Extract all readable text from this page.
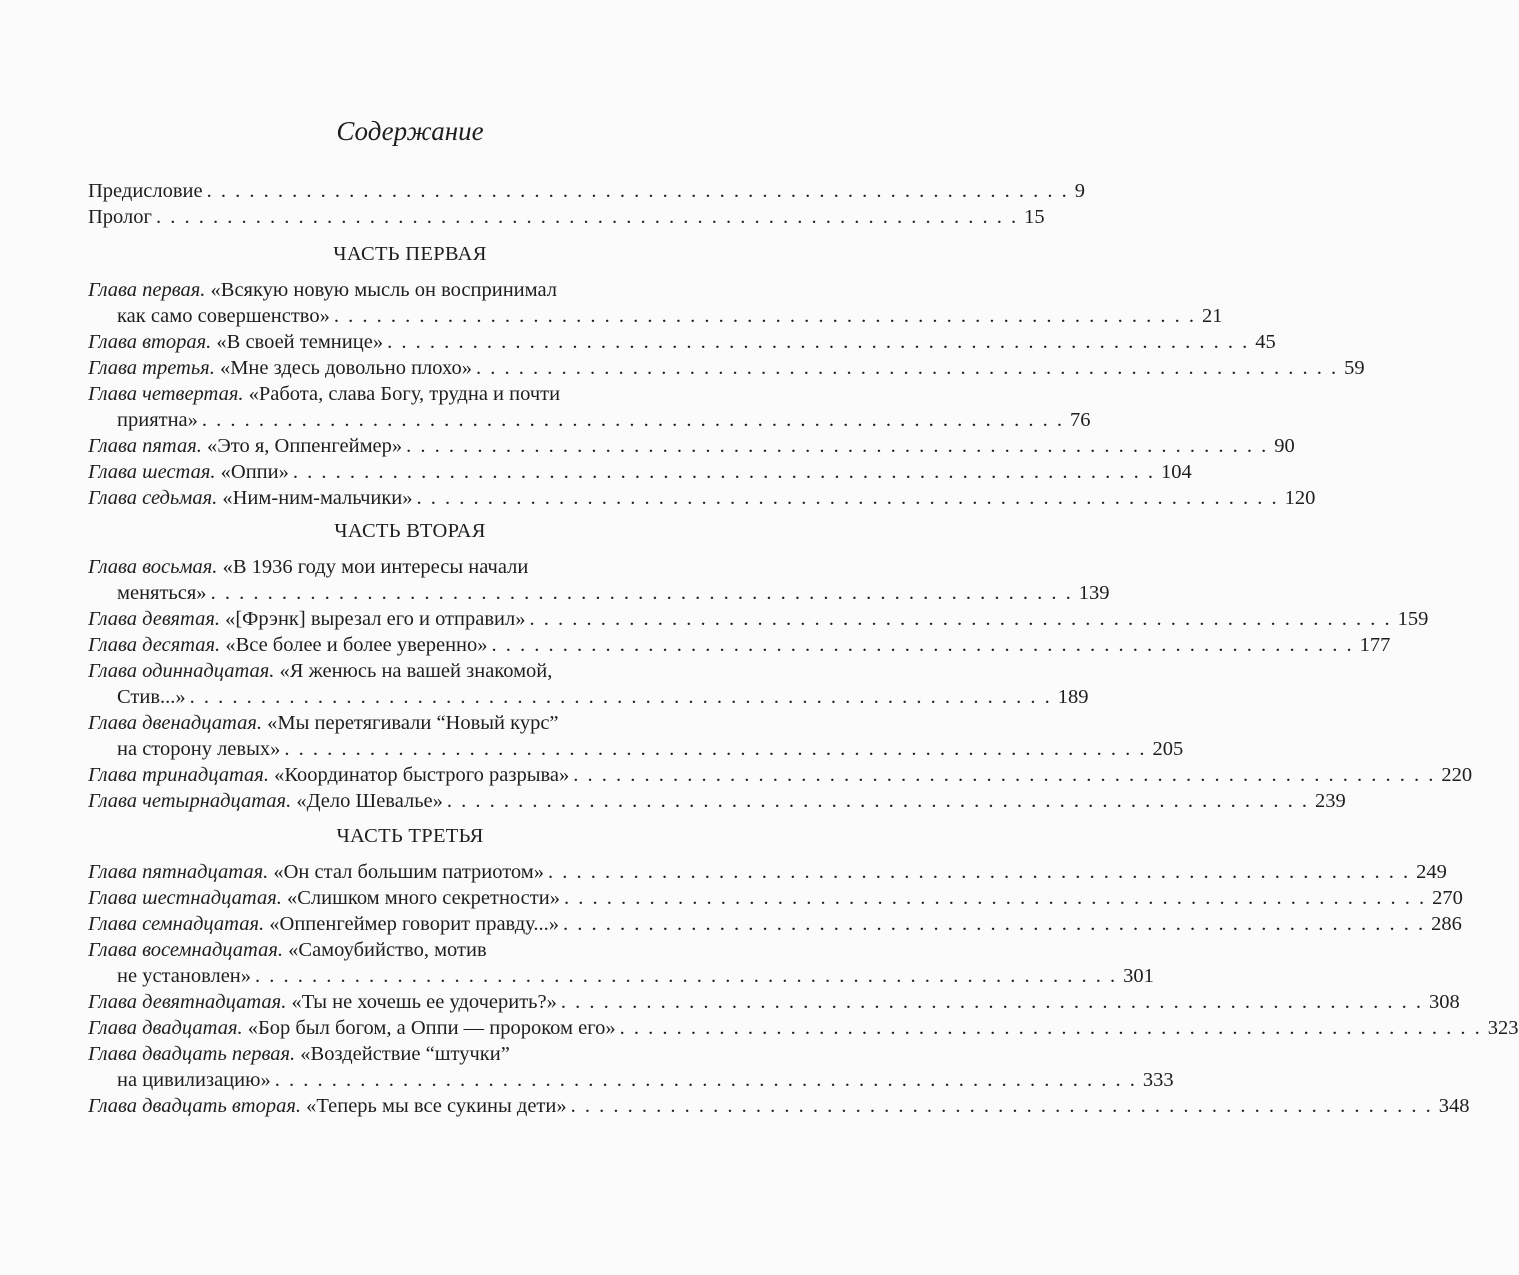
Содержание
Предисловие . . . . . . . . . . . . . . . . . . . . . . . . . . . . . . . . . . . . . . . . . . . . . . . . . . . . . . . . . . . . . 9
Пролог . . . . . . . . . . . . . . . . . . . . . . . . . . . . . . . . . . . . . . . . . . . . . . . . . . . . . . . . . . . . . 15
ЧАСТЬ ПЕРВАЯ
Глава первая. «Всякую новую мысль он воспринимал
как само совершенство» . . . . . . . . . . . . . . . . . . . . . . . . . . . . . . . . . . . . . . . . . . . . . . . . . . . . . . . . . . . . . 21
Глава вторая. «В своей темнице» . . . . . . . . . . . . . . . . . . . . . . . . . . . . . . . . . . . . . . . . . . . . . . . . . . . . . . . . . . . . . 45
Глава третья. «Мне здесь довольно плохо» . . . . . . . . . . . . . . . . . . . . . . . . . . . . . . . . . . . . . . . . . . . . . . . . . . . . . . . . . . . . . 59
Глава четвертая. «Работа, слава Богу, трудна и почти
приятна» . . . . . . . . . . . . . . . . . . . . . . . . . . . . . . . . . . . . . . . . . . . . . . . . . . . . . . . . . . . . . 76
Глава пятая. «Это я, Оппенгеймер» . . . . . . . . . . . . . . . . . . . . . . . . . . . . . . . . . . . . . . . . . . . . . . . . . . . . . . . . . . . . . 90
Глава шестая. «Оппи» . . . . . . . . . . . . . . . . . . . . . . . . . . . . . . . . . . . . . . . . . . . . . . . . . . . . . . . . . . . . . 104
Глава седьмая. «Ним-ним-мальчики» . . . . . . . . . . . . . . . . . . . . . . . . . . . . . . . . . . . . . . . . . . . . . . . . . . . . . . . . . . . . . 120
ЧАСТЬ ВТОРАЯ
Глава восьмая. «В 1936 году мои интересы начали
меняться» . . . . . . . . . . . . . . . . . . . . . . . . . . . . . . . . . . . . . . . . . . . . . . . . . . . . . . . . . . . . . 139
Глава девятая. «[Фрэнк] вырезал его и отправил» . . . . . . . . . . . . . . . . . . . . . . . . . . . . . . . . . . . . . . . . . . . . . . . . . . . . . . . . . . . . . 159
Глава десятая. «Все более и более уверенно» . . . . . . . . . . . . . . . . . . . . . . . . . . . . . . . . . . . . . . . . . . . . . . . . . . . . . . . . . . . . . 177
Глава одиннадцатая. «Я женюсь на вашей знакомой,
Стив...» . . . . . . . . . . . . . . . . . . . . . . . . . . . . . . . . . . . . . . . . . . . . . . . . . . . . . . . . . . . . . 189
Глава двенадцатая. «Мы перетягивали “Новый курс”
на сторону левых» . . . . . . . . . . . . . . . . . . . . . . . . . . . . . . . . . . . . . . . . . . . . . . . . . . . . . . . . . . . . . 205
Глава тринадцатая. «Координатор быстрого разрыва» . . . . . . . . . . . . . . . . . . . . . . . . . . . . . . . . . . . . . . . . . . . . . . . . . . . . . . . . . . . . . 220
Глава четырнадцатая. «Дело Шевалье» . . . . . . . . . . . . . . . . . . . . . . . . . . . . . . . . . . . . . . . . . . . . . . . . . . . . . . . . . . . . . 239
ЧАСТЬ ТРЕТЬЯ
Глава пятнадцатая. «Он стал большим патриотом» . . . . . . . . . . . . . . . . . . . . . . . . . . . . . . . . . . . . . . . . . . . . . . . . . . . . . . . . . . . . . 249
Глава шестнадцатая. «Слишком много секретности» . . . . . . . . . . . . . . . . . . . . . . . . . . . . . . . . . . . . . . . . . . . . . . . . . . . . . . . . . . . . . 270
Глава семнадцатая. «Оппенгеймер говорит правду...» . . . . . . . . . . . . . . . . . . . . . . . . . . . . . . . . . . . . . . . . . . . . . . . . . . . . . . . . . . . . . 286
Глава восемнадцатая. «Самоубийство, мотив
не установлен» . . . . . . . . . . . . . . . . . . . . . . . . . . . . . . . . . . . . . . . . . . . . . . . . . . . . . . . . . . . . . 301
Глава девятнадцатая. «Ты не хочешь ее удочерить?» . . . . . . . . . . . . . . . . . . . . . . . . . . . . . . . . . . . . . . . . . . . . . . . . . . . . . . . . . . . . . 308
Глава двадцатая. «Бор был богом, а Оппи — пророком его» . . . . . . . . . . . . . . . . . . . . . . . . . . . . . . . . . . . . . . . . . . . . . . . . . . . . . . . . . . . . . 323
Глава двадцать первая. «Воздействие “штучки”
на цивилизацию» . . . . . . . . . . . . . . . . . . . . . . . . . . . . . . . . . . . . . . . . . . . . . . . . . . . . . . . . . . . . . 333
Глава двадцать вторая. «Теперь мы все сукины дети» . . . . . . . . . . . . . . . . . . . . . . . . . . . . . . . . . . . . . . . . . . . . . . . . . . . . . . . . . . . . . 348
